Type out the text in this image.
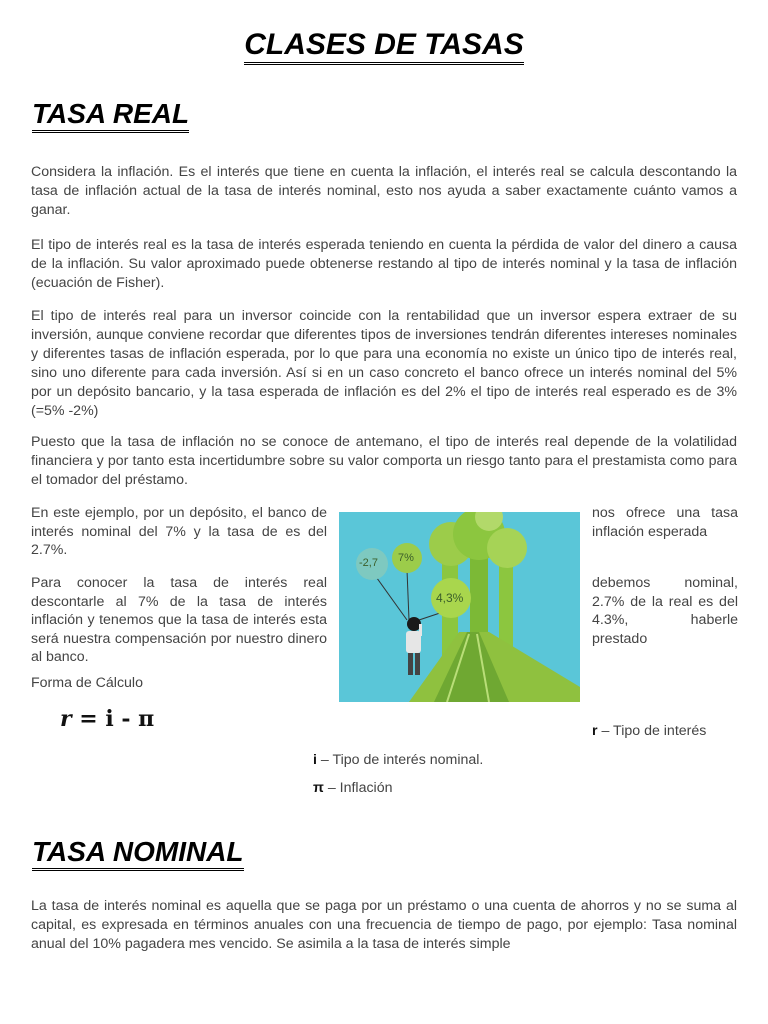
CLASES DE TASAS
TASA REAL

Considera la inflación. Es el interés que tiene en cuenta la inflación, el interés real se calcula descontando la tasa de inflación actual de la tasa de interés nominal, esto nos ayuda a saber exactamente cuánto vamos a ganar.

El tipo de interés real es la tasa de interés esperada teniendo en cuenta la pérdida de valor del dinero a causa de la inflación. Su valor aproximado puede obtenerse restando al tipo de interés nominal y la tasa de inflación (ecuación de Fisher).

El tipo de interés real para un inversor coincide con la rentabilidad que un inversor espera extraer de su inversión, aunque conviene recordar que diferentes tipos de inversiones tendrán diferentes intereses nominales y diferentes tasas de inflación esperada, por lo que para una economía no existe un único tipo de interés real, sino uno diferente para cada inversión. Así si en un caso concreto el banco ofrece un interés nominal del 5% por un depósito bancario, y la tasa esperada de inflación es del 2% el tipo de interés real esperado es de 3% (=5% -2%)

Puesto que la tasa de inflación no se conoce de antemano, el tipo de interés real depende de la volatilidad financiera y por tanto esta incertidumbre sobre su valor comporta un riesgo tanto para el prestamista como para el tomador del préstamo.

En este ejemplo, por un depósito, el banco de interés nominal del 7% y la tasa de es del 2.7%.

nos ofrece una tasa inflación esperada

Para conocer la tasa de interés real descontarle al 7% de la tasa de interés inflación y tenemos que la tasa de interés esta será nuestra compensación por nuestro dinero al banco.

debemos nominal, 2.7% de la real es del 4.3%, haberle prestado

-2,7 7%
4,3%

Forma de Cálculo

r = i - π	r – Tipo de interés

i – Tipo de interés nominal.

π – Inflación

TASA NOMINAL

La tasa de interés nominal es aquella que se paga por un préstamo o una cuenta de ahorros y no se suma al capital, es expresada en términos anuales con una frecuencia de tiempo de pago, por ejemplo: Tasa nominal anual del 10% pagadera mes vencido. Se asimila a la tasa de interés simple
